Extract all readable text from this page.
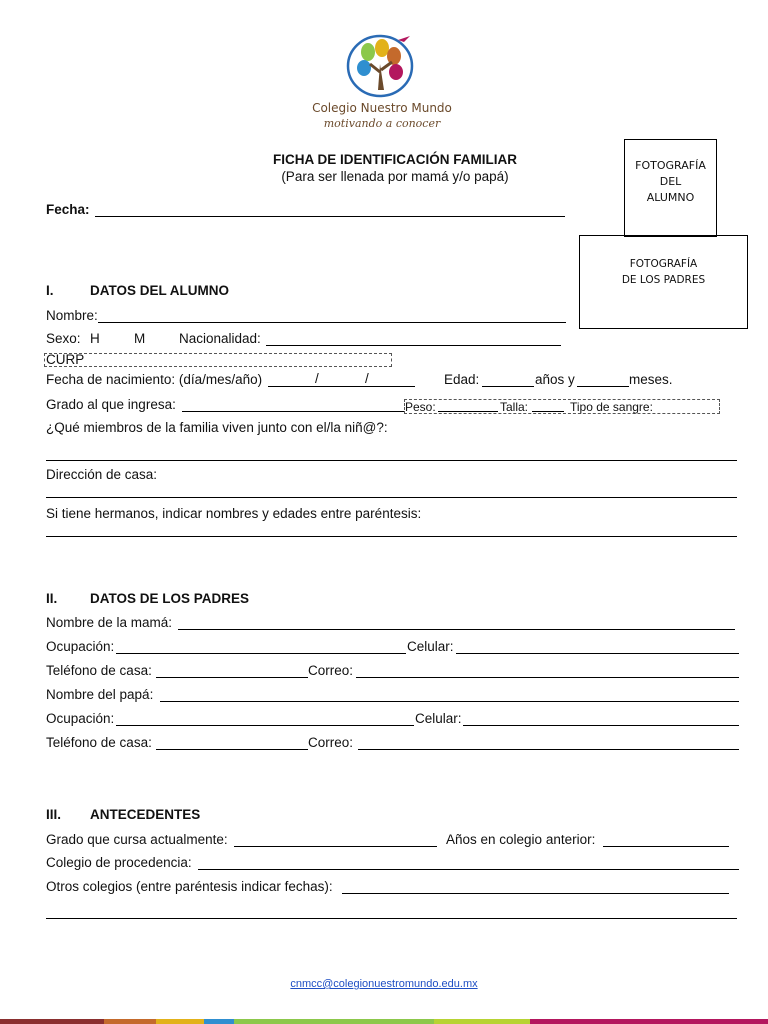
Colegio Nuestro Mundo
motivando a conocer
FICHA DE IDENTIFICACIÓN FAMILIAR
(Para ser llenada por mamá y/o papá)
FOTOGRAFÍA
DEL
ALUMNO
FOTOGRAFÍA
DE LOS PADRES
Fecha:
I.	DATOS DEL ALUMNO
Nombre:
Sexo: H	M	Nacionalidad:
CURP
Fecha de nacimiento: (día/mes/año)	/	/	Edad:	años y	meses.
Grado al que ingresa:	Peso:	Talla:	Tipo de sangre:
¿Qué miembros de la familia viven junto con el/la niñ@?:
Dirección de casa:
Si tiene hermanos, indicar nombres y edades entre paréntesis:
II. DATOS DE LOS PADRES
Nombre de la mamá:
Ocupación:	Celular:
Teléfono de casa:	Correo:
Nombre del papá:
Ocupación:	Celular:
Teléfono de casa:	Correo:
III. ANTECEDENTES
Grado que cursa actualmente:	Años en colegio anterior:
Colegio de procedencia:
Otros colegios (entre paréntesis indicar fechas):
cnmcc@colegionuestromundo.edu.mx
